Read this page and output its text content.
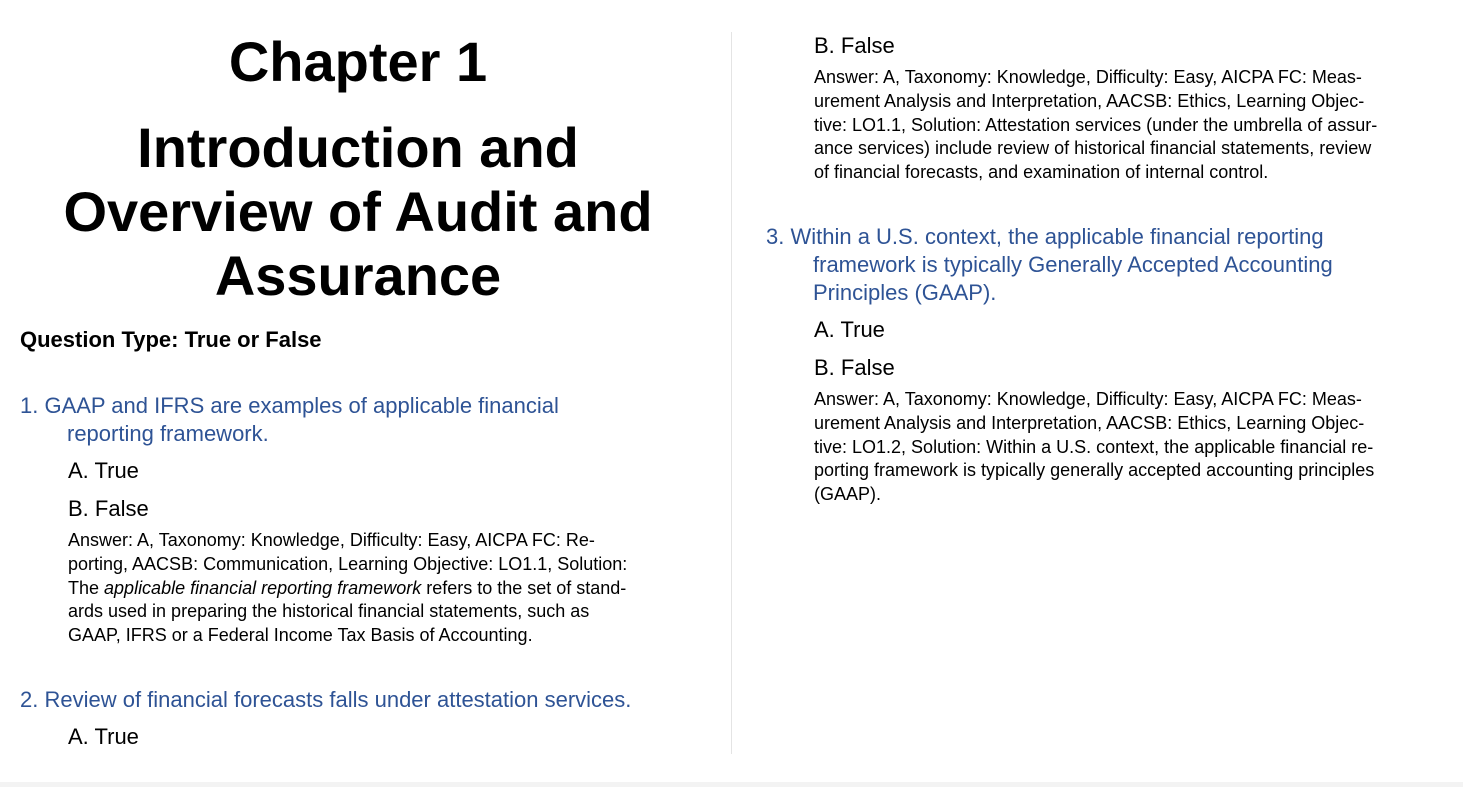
Chapter 1
Introduction and
Overview of Audit and
Assurance

Question Type: True or False

1. GAAP and IFRS are examples of applicable financial
reporting framework.

A. True

B. False

Answer: A, Taxonomy: Knowledge, Difficulty: Easy, AICPA FC: Re-
porting, AACSB: Communication, Learning Objective: LO1.1, Solution:
The applicable financial reporting framework refers to the set of stand-
ards used in preparing the historical financial statements, such as
GAAP, IFRS or a Federal Income Tax Basis of Accounting.

2. Review of financial forecasts falls under attestation services.

A. True

B. False

Answer: A, Taxonomy: Knowledge, Difficulty: Easy, AICPA FC: Meas-
urement Analysis and Interpretation, AACSB: Ethics, Learning Objec-
tive: LO1.1, Solution: Attestation services (under the umbrella of assur-
ance services) include review of historical financial statements, review
of financial forecasts, and examination of internal control.

3. Within a U.S. context, the applicable financial reporting
framework is typically Generally Accepted Accounting
Principles (GAAP).

A. True

B. False

Answer: A, Taxonomy: Knowledge, Difficulty: Easy, AICPA FC: Meas-
urement Analysis and Interpretation, AACSB: Ethics, Learning Objec-
tive: LO1.2, Solution: Within a U.S. context, the applicable financial re-
porting framework is typically generally accepted accounting principles
(GAAP).
